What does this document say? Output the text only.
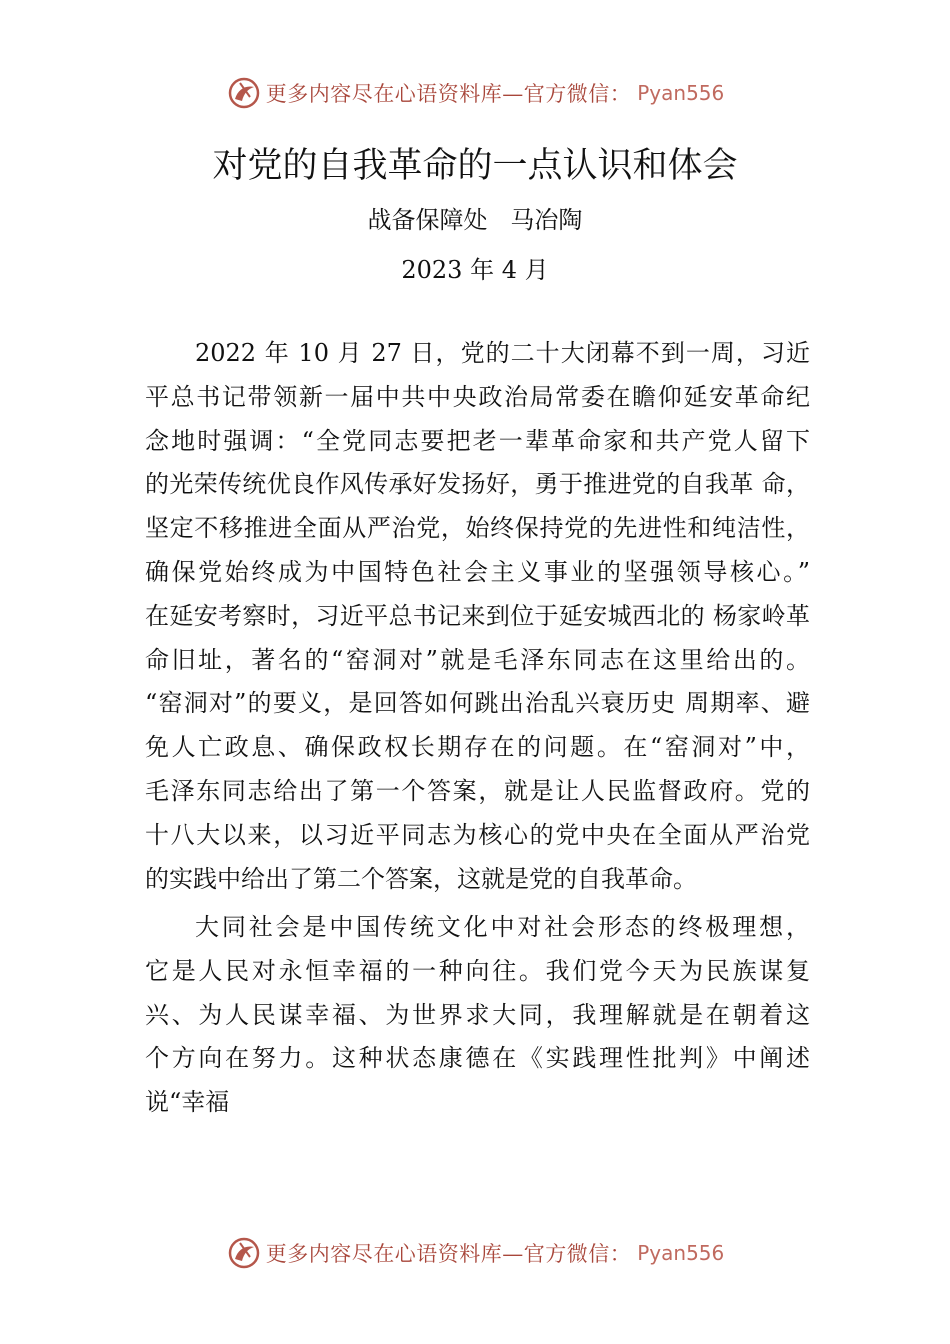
更多内容尽在心语资料库—官方微信： Pyan556
对党的自我革命的一点认识和体会
战备保障处   马冶陶
2023 年 4 月
2022 年 10 月 27 日，党的二十大闭幕不到一周，习近
平总书记带领新一届中共中央政治局常委在瞻仰延安革命纪
念地时强调：“全党同志要把老一辈革命家和共产党人留下
的光荣传统优良作风传承好发扬好，勇于推进党的自我革 命，
坚定不移推进全面从严治党，始终保持党的先进性和纯洁性，
确保党始终成为中国特色社会主义事业的坚强领导核心。”
在延安考察时，习近平总书记来到位于延安城西北的 杨家岭革
命旧址，著名的“窑洞对”就是毛泽东同志在这里给出的。
“窑洞对”的要义，是回答如何跳出治乱兴衰历史 周期率、避
免人亡政息、确保政权长期存在的问题。在“窑洞对”中，
毛泽东同志给出了第一个答案，就是让人民监督政府。党的
十八大以来，以习近平同志为核心的党中央在全面从严治党
的实践中给出了第二个答案，这就是党的自我革命。
大同社会是中国传统文化中对社会形态的终极理想，
它是人民对永恒幸福的一种向往。我们党今天为民族谋复
兴、为人民谋幸福、为世界求大同，我理解就是在朝着这
个方向在努力。这种状态康德在《实践理性批判》中阐述
说“幸福
更多内容尽在心语资料库—官方微信： Pyan556
